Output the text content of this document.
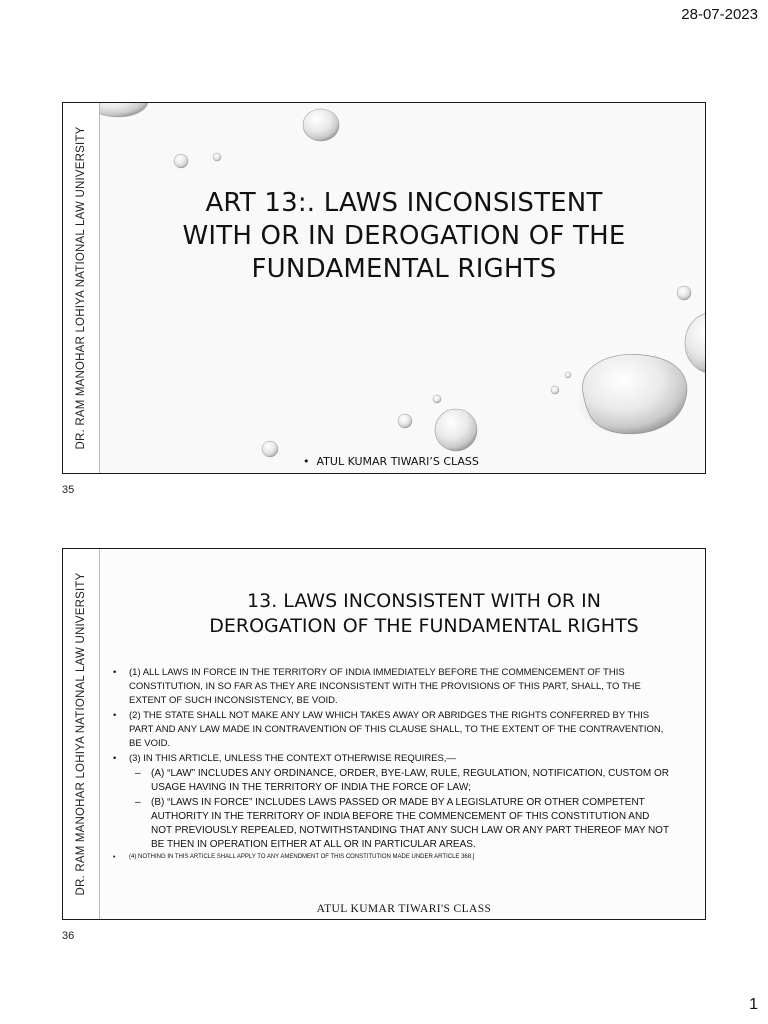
28-07-2023
DR. RAM MANOHAR LOHIYA NATIONAL LAW UNIVERSITY	ART 13:. LAWS INCONSISTENT
WITH OR IN DEROGATION OF THE
FUNDAMENTAL RIGHTS
• ATUL KUMAR TIWARI’S CLASS
35
DR. RAM MANOHAR LOHIYA NATIONAL LAW UNIVERSITY	13. LAWS INCONSISTENT WITH OR IN
DEROGATION OF THE FUNDAMENTAL RIGHTS
• (1) ALL LAWS IN FORCE IN THE TERRITORY OF INDIA IMMEDIATELY BEFORE THE COMMENCEMENT OF THIS CONSTITUTION, IN SO FAR AS THEY ARE INCONSISTENT WITH THE PROVISIONS OF THIS PART, SHALL, TO THE EXTENT OF SUCH INCONSISTENCY, BE VOID.
• (2) THE STATE SHALL NOT MAKE ANY LAW WHICH TAKES AWAY OR ABRIDGES THE RIGHTS CONFERRED BY THIS PART AND ANY LAW MADE IN CONTRAVENTION OF THIS CLAUSE SHALL, TO THE EXTENT OF THE CONTRAVENTION, BE VOID.
• (3) IN THIS ARTICLE, UNLESS THE CONTEXT OTHERWISE REQUIRES,—
– (A) “LAW” INCLUDES ANY ORDINANCE, ORDER, BYE-LAW, RULE, REGULATION, NOTIFICATION, CUSTOM OR USAGE HAVING IN THE TERRITORY OF INDIA THE FORCE OF LAW;
– (B) “LAWS IN FORCE” INCLUDES LAWS PASSED OR MADE BY A LEGISLATURE OR OTHER COMPETENT AUTHORITY IN THE TERRITORY OF INDIA BEFORE THE COMMENCEMENT OF THIS CONSTITUTION AND NOT PREVIOUSLY REPEALED, NOTWITHSTANDING THAT ANY SUCH LAW OR ANY PART THEREOF MAY NOT BE THEN IN OPERATION EITHER AT ALL OR IN PARTICULAR AREAS.
• (4) NOTHING IN THIS ARTICLE SHALL APPLY TO ANY AMENDMENT OF THIS CONSTITUTION MADE UNDER ARTICLE 368.]
ATUL KUMAR TIWARI'S CLASS
36
1
